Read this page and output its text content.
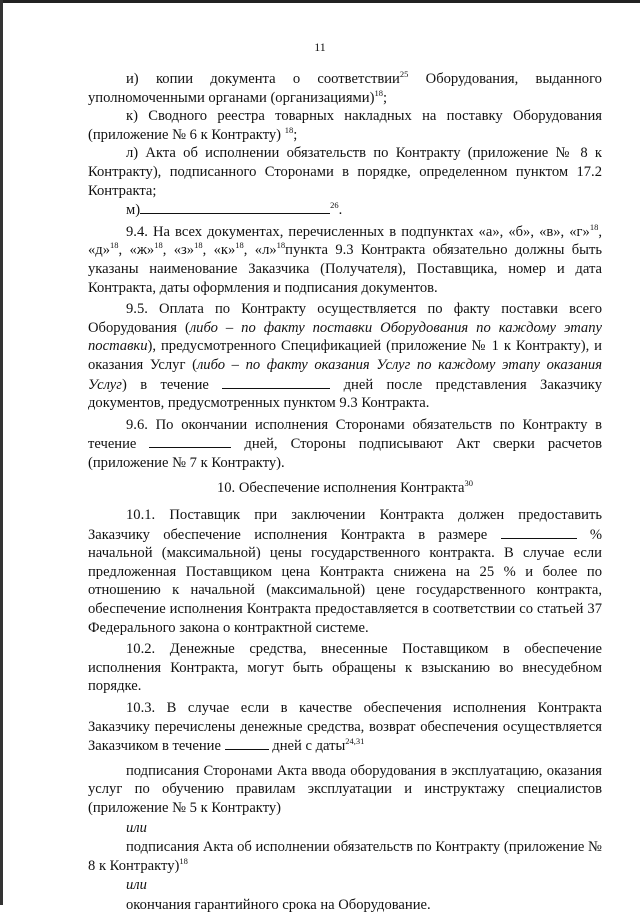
11

и) копии документа о соответствии$^{25}$ Оборудования, выданного уполномоченными органами (организациями)$^{18}$;

к) Сводного реестра товарных накладных на поставку Оборудования (приложение № 6 к Контракту) $^{18}$;

л) Акта об исполнении обязательств по Контракту (приложение № 8 к Контракту), подписанного Сторонами в порядке, определенном пунктом 17.2 Контракта;

м)	$^{26}$.

9.4. На всех документах, перечисленных в подпунктах «а», «б», «в», «г»$^{18}$, «д»$^{18}$, «ж»$^{18}$, «з»$^{18}$, «к»$^{18}$, «л»$^{18}$пункта 9.3 Контракта обязательно должны быть указаны наименование Заказчика (Получателя), Поставщика, номер и дата Контракта, даты оформления и подписания документов.

9.5. Оплата по Контракту осуществляется по факту поставки всего Оборудования (либо – по факту поставки Оборудования по каждому этапу поставки), предусмотренного Спецификацией (приложение № 1 к Контракту), и оказания Услуг (либо – по факту оказания Услуг по каждому этапу оказания Услуг) в течение	дней после представления Заказчику документов, предусмотренных пунктом 9.3 Контракта.

9.6. По окончании исполнения Сторонами обязательств по Контракту в течение	дней, Стороны подписывают Акт сверки расчетов (приложение № 7 к Контракту).

10. Обеспечение исполнения Контракта$^{30}$

10.1. Поставщик при заключении Контракта должен предоставить Заказчику обеспечение исполнения Контракта в размере	% начальной (максимальной) цены государственного контракта. В случае если предложенная Поставщиком цена Контракта снижена на 25 % и более по отношению к начальной (максимальной) цене государственного контракта, обеспечение исполнения Контракта предоставляется в соответствии со статьей 37 Федерального закона о контрактной системе.

10.2. Денежные средства, внесенные Поставщиком в обеспечение исполнения Контракта, могут быть обращены к взысканию во внесудебном порядке.

10.3. В случае если в качестве обеспечения исполнения Контракта Заказчику перечислены денежные средства, возврат обеспечения осуществляется Заказчиком в течение	дней с даты$^{24,31}$

подписания Сторонами Акта ввода оборудования в эксплуатацию, оказания услуг по обучению правилам эксплуатации и инструктажу специалистов (приложение № 5 к Контракту)

или

подписания Акта об исполнении обязательств по Контракту (приложение № 8 к Контракту)$^{18}$

или

окончания гарантийного срока на Оборудование.
